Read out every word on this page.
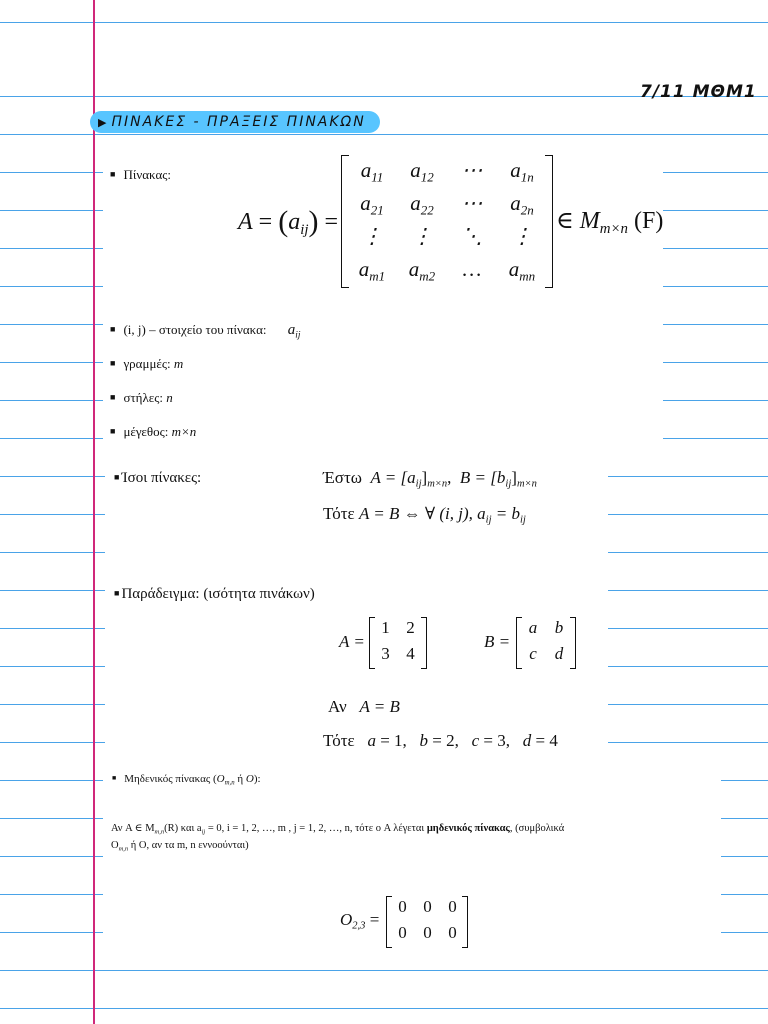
7/11 ΜΘΜ1
▶ ΠΙΝΑΚΕΣ - ΠΡΑΞΕΙΣ ΠΙΝΑΚΩΝ
■ Πίνακας:
$A = (a_{ij})$ =
$a_{11}$	$a_{12}$	⋯	$a_{1n}$
$a_{21}$	$a_{22}$	⋯	$a_{2n}$
⋮	⋮	⋱	⋮
$a_{m1}$	$a_{m2}$	…	$a_{mn}$
∈ $M_{m\times n}$ (F)
■ (i, j) – στοιχείο του πίνακα: $a_{ij}$
■ γραμμές: m
■ στήλες: n
■ μέγεθος: m×n
■ Ίσοι πίνακες:	Έστω $A = [a_{ij}]_{m\times n}$, $B = [b_{ij}]_{m\times n}$
Τότε A = B ⇔ ∀ (i, j), $a_{ij} = b_{ij}$
■ Παράδειγμα: (ισότητα πινάκων)
A =
1 2
3 4
B =
a	b
c	d
Αν A = B
Τότε a = 1, b = 2, c = 3, d = 4
■ Μηδενικός πίνακας ($O_{m,n}$ ή O):
Αν A ∈ $M_{m,n}(R)$ και $a_{ij} = 0$, i = 1, 2, …, m , j = 1, 2, …, n, τότε ο A λέγεται μηδενικός πίνακας, (συμβολικά
$O_{m,n}$ ή O, αν τα m, n εννοούνται)
$O_{2,3}$ =
0 0 0
0 0 0
